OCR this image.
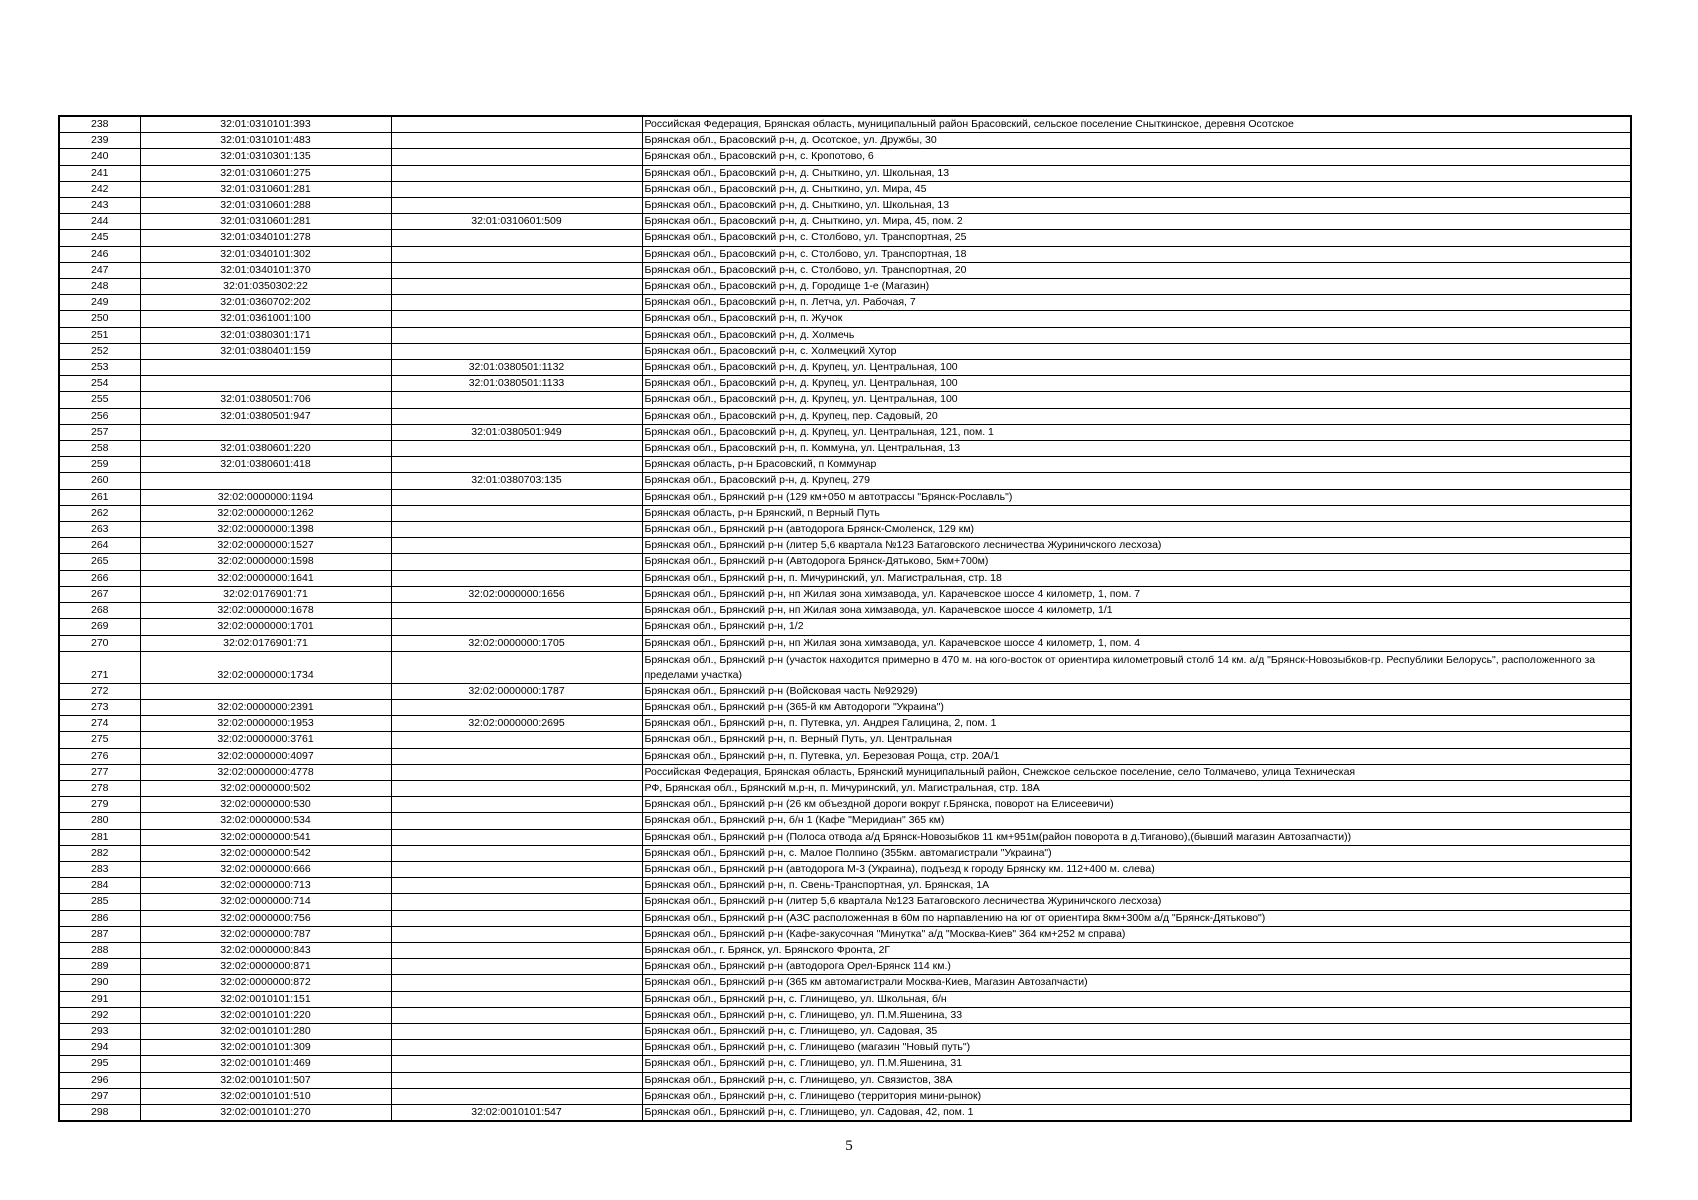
238	32:01:0310101:393		Российская Федерация, Брянская область, муниципальный район Брасовский, сельское поселение Сныткинское, деревня Осотское
239	32:01:0310101:483		Брянская обл., Брасовский р-н, д. Осотское, ул. Дружбы, 30
240	32:01:0310301:135		Брянская обл., Брасовский р-н, с. Кропотово, 6
241	32:01:0310601:275		Брянская обл., Брасовский р-н, д. Сныткино, ул. Школьная, 13
242	32:01:0310601:281		Брянская обл., Брасовский р-н, д. Сныткино, ул. Мира, 45
243	32:01:0310601:288		Брянская обл., Брасовский р-н, д. Сныткино, ул. Школьная, 13
244	32:01:0310601:281	32:01:0310601:509	Брянская обл., Брасовский р-н, д. Сныткино, ул. Мира, 45, пом. 2
245	32:01:0340101:278		Брянская обл., Брасовский р-н, с. Столбово, ул. Транспортная, 25
246	32:01:0340101:302		Брянская обл., Брасовский р-н, с. Столбово, ул. Транспортная, 18
247	32:01:0340101:370		Брянская обл., Брасовский р-н, с. Столбово, ул. Транспортная, 20
248	32:01:0350302:22		Брянская обл., Брасовский р-н, д. Городище 1-е (Магазин)
249	32:01:0360702:202		Брянская обл., Брасовский р-н, п. Летча, ул. Рабочая, 7
250	32:01:0361001:100		Брянская обл., Брасовский р-н, п. Жучок
251	32:01:0380301:171		Брянская обл., Брасовский р-н, д. Холмечь
252	32:01:0380401:159		Брянская обл., Брасовский р-н, с. Холмецкий Хутор
253		32:01:0380501:1132	Брянская обл., Брасовский р-н, д. Крупец, ул. Центральная, 100
254		32:01:0380501:1133	Брянская обл., Брасовский р-н, д. Крупец, ул. Центральная, 100
255	32:01:0380501:706		Брянская обл., Брасовский р-н, д. Крупец, ул. Центральная, 100
256	32:01:0380501:947		Брянская обл., Брасовский р-н, д. Крупец, пер. Садовый, 20
257		32:01:0380501:949	Брянская обл., Брасовский р-н, д. Крупец, ул. Центральная, 121, пом. 1
258	32:01:0380601:220		Брянская обл., Брасовский р-н, п. Коммуна, ул. Центральная, 13
259	32:01:0380601:418		Брянская область, р-н Брасовский, п Коммунар
260		32:01:0380703:135	Брянская обл., Брасовский р-н, д. Крупец, 279
261	32:02:0000000:1194		Брянская обл., Брянский р-н (129 км+050 м автотрассы "Брянск-Рославль")
262	32:02:0000000:1262		Брянская область, р-н Брянский, п Верный Путь
263	32:02:0000000:1398		Брянская обл., Брянский р-н (автодорога Брянск-Смоленск, 129 км)
264	32:02:0000000:1527		Брянская обл., Брянский р-н (литер 5,6 квартала №123 Батаговского лесничества Журиничского лесхоза)
265	32:02:0000000:1598		Брянская обл., Брянский р-н (Автодорога Брянск-Дятьково, 5км+700м)
266	32:02:0000000:1641		Брянская обл., Брянский р-н, п. Мичуринский, ул. Магистральная, стр. 18
267	32:02:0176901:71	32:02:0000000:1656	Брянская обл., Брянский р-н, нп Жилая зона химзавода, ул. Карачевское шоссе 4 километр, 1, пом. 7
268	32:02:0000000:1678		Брянская обл., Брянский р-н, нп Жилая зона химзавода, ул. Карачевское шоссе 4 километр, 1/1
269	32:02:0000000:1701		Брянская обл., Брянский р-н, 1/2
270	32:02:0176901:71	32:02:0000000:1705	Брянская обл., Брянский р-н, нп Жилая зона химзавода, ул. Карачевское шоссе 4 километр, 1, пом. 4
271	32:02:0000000:1734		Брянская обл., Брянский р-н (участок находится примерно в 470 м. на юго-восток от ориентира километровый столб 14 км. а/д "Брянск-Новозыбков-гр. Республики Белорусь", расположенного за пределами участка)
272		32:02:0000000:1787	Брянская обл., Брянский р-н (Войсковая часть №92929)
273	32:02:0000000:2391		Брянская обл., Брянский р-н (365-й км Автодороги "Украина")
274	32:02:0000000:1953	32:02:0000000:2695	Брянская обл., Брянский р-н, п. Путевка, ул. Андрея Галицина, 2, пом. 1
275	32:02:0000000:3761		Брянская обл., Брянский р-н, п. Верный Путь, ул. Центральная
276	32:02:0000000:4097		Брянская обл., Брянский р-н, п. Путевка, ул. Березовая Роща, стр. 20А/1
277	32:02:0000000:4778		Российская Федерация, Брянская область, Брянский муниципальный район, Снежское сельское поселение, село Толмачево, улица Техническая
278	32:02:0000000:502		РФ, Брянская обл., Брянский м.р-н, п. Мичуринский, ул. Магистральная, стр. 18А
279	32:02:0000000:530		Брянская обл., Брянский р-н (26 км объездной дороги вокруг г.Брянска, поворот на Елисеевичи)
280	32:02:0000000:534		Брянская обл., Брянский р-н, б/н 1 (Кафе "Меридиан" 365 км)
281	32:02:0000000:541		Брянская обл., Брянский р-н (Полоса отвода а/д Брянск-Новозыбков 11 км+951м(район поворота в д.Тиганово),(бывший магазин Автозапчасти))
282	32:02:0000000:542		Брянская обл., Брянский р-н, с. Малое Полпино (355км. автомагистрали "Украина")
283	32:02:0000000:666		Брянская обл., Брянский р-н (автодорога М-3 (Украина), подъезд к городу Брянску км. 112+400 м. слева)
284	32:02:0000000:713		Брянская обл., Брянский р-н, п. Свень-Транспортная, ул. Брянская, 1А
285	32:02:0000000:714		Брянская обл., Брянский р-н (литер 5,6 квартала №123 Батаговского лесничества Журиничского лесхоза)
286	32:02:0000000:756		Брянская обл., Брянский р-н (АЗС расположенная в 60м по нарпавлению на юг от ориентира 8км+300м а/д "Брянск-Дятьково")
287	32:02:0000000:787		Брянская обл., Брянский р-н (Кафе-закусочная "Минутка" а/д "Москва-Киев" 364 км+252 м справа)
288	32:02:0000000:843		Брянская обл., г. Брянск, ул. Брянского Фронта, 2Г
289	32:02:0000000:871		Брянская обл., Брянский р-н (автодорога Орел-Брянск 114 км.)
290	32:02:0000000:872		Брянская обл., Брянский р-н (365 км автомагистрали Москва-Киев, Магазин Автозапчасти)
291	32:02:0010101:151		Брянская обл., Брянский р-н, с. Глинищево, ул. Школьная, б/н
292	32:02:0010101:220		Брянская обл., Брянский р-н, с. Глинищево, ул. П.М.Яшенина, 33
293	32:02:0010101:280		Брянская обл., Брянский р-н, с. Глинищево, ул. Садовая, 35
294	32:02:0010101:309		Брянская обл., Брянский р-н, с. Глинищево (магазин "Новый путь")
295	32:02:0010101:469		Брянская обл., Брянский р-н, с. Глинищево, ул. П.М.Яшенина, 31
296	32:02:0010101:507		Брянская обл., Брянский р-н, с. Глинищево, ул. Связистов, 38А
297	32:02:0010101:510		Брянская обл., Брянский р-н, с. Глинищево (территория мини-рынок)
298	32:02:0010101:270	32:02:0010101:547	Брянская обл., Брянский р-н, с. Глинищево, ул. Садовая, 42, пом. 1
5
